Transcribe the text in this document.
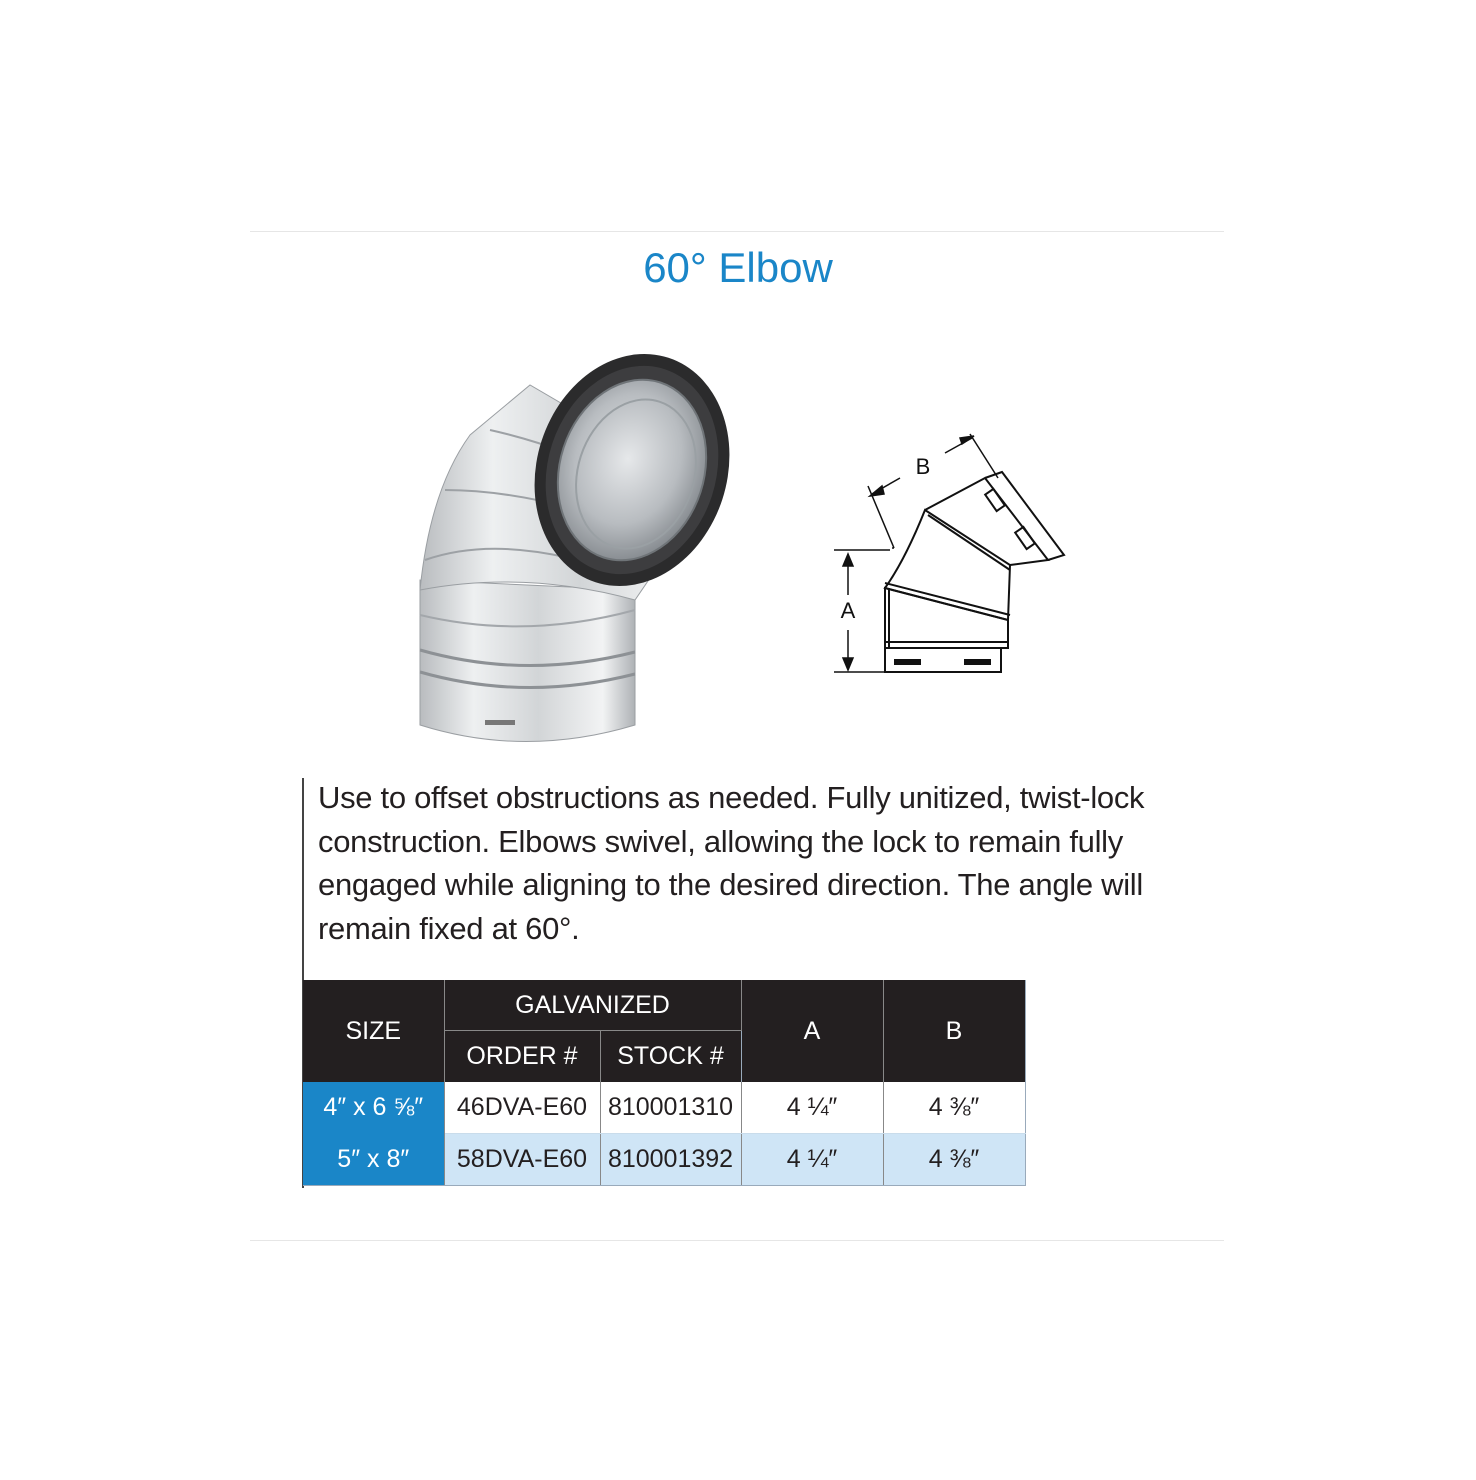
60° Elbow
A
B
Use to offset obstructions as needed. Fully unitized, twist-lock construction. Elbows swivel, allowing the lock to remain fully engaged while aligning to the desired direction. The angle will remain fixed at 60°.
SIZE	GALVANIZED		A	B
	ORDER #	STOCK #		
4″ x 6 ⅝″	46DVA-E60	810001310	4 ¼″	4 ⅜″
5″ x 8″	58DVA-E60	810001392	4 ¼″	4 ⅜″
